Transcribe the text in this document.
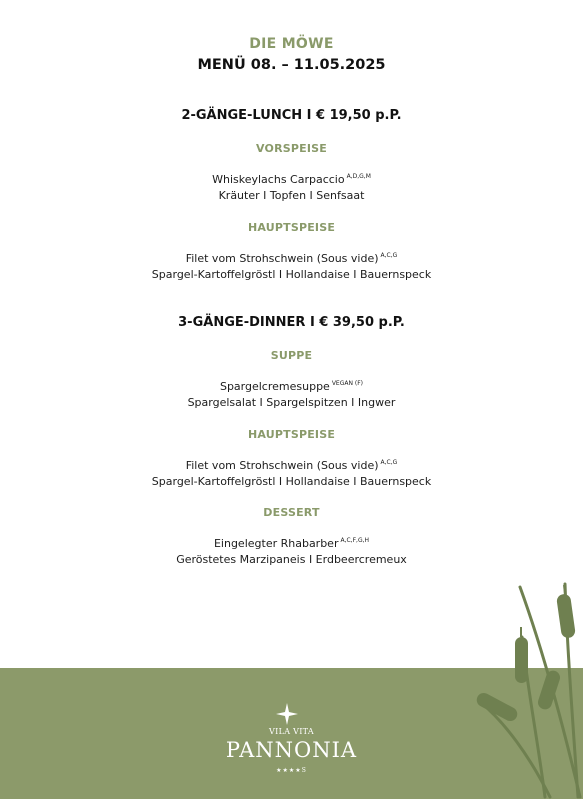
DIE MÖWE
MENÜ 08. – 11.05.2025
2-GÄNGE-LUNCH I € 19,50 p.P.
VORSPEISE
Whiskeylachs Carpaccio $^{A,D,G,M}$
Kräuter I Topfen I Senfsaat
HAUPTSPEISE
Filet vom Strohschwein (Sous vide) $^{A,C,G}$
Spargel-Kartoffelgröstl I Hollandaise I Bauernspeck
3-GÄNGE-DINNER I € 39,50 p.P.
SUPPE
Spargelcremesuppe $^{VEGAN (F)}$
Spargelsalat I Spargelspitzen I Ingwer
HAUPTSPEISE
Filet vom Strohschwein (Sous vide) $^{A,C,G}$
Spargel-Kartoffelgröstl I Hollandaise I Bauernspeck
DESSERT
Eingelegter Rhabarber $^{A,C,F,G,H}$
Geröstetes Marzipaneis I Erdbeercremeux
VILA VITA
PANNONIA
★★★★S
